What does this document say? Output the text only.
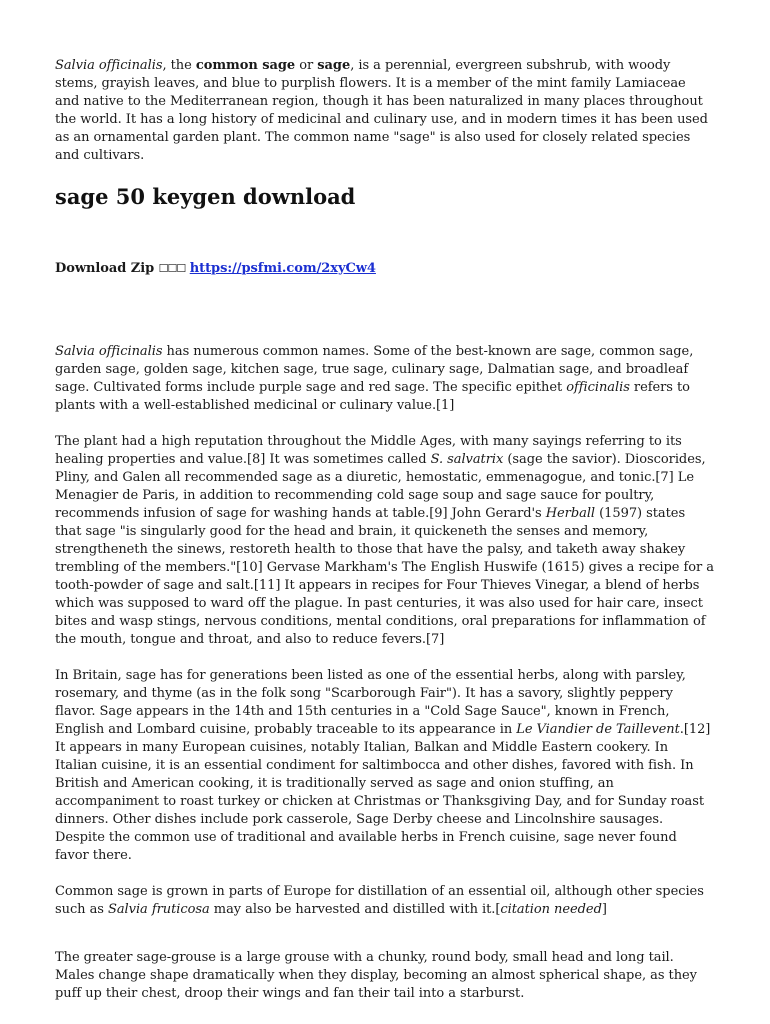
Salvia officinalis, the common sage or sage, is a perennial, evergreen subshrub, with woody stems, grayish leaves, and blue to purplish flowers. It is a member of the mint family Lamiaceae and native to the Mediterranean region, though it has been naturalized in many places throughout the world. It has a long history of medicinal and culinary use, and in modern times it has been used as an ornamental garden plant. The common name "sage" is also used for closely related species and cultivars.

sage 50 keygen download

Download Zip ☐☐☐ https://psfmi.com/2xyCw4

Salvia officinalis has numerous common names. Some of the best-known are sage, common sage, garden sage, golden sage, kitchen sage, true sage, culinary sage, Dalmatian sage, and broadleaf sage. Cultivated forms include purple sage and red sage. The specific epithet officinalis refers to plants with a well-established medicinal or culinary value.[1]

The plant had a high reputation throughout the Middle Ages, with many sayings referring to its healing properties and value.[8] It was sometimes called S. salvatrix (sage the savior). Dioscorides, Pliny, and Galen all recommended sage as a diuretic, hemostatic, emmenagogue, and tonic.[7] Le Menagier de Paris, in addition to recommending cold sage soup and sage sauce for poultry, recommends infusion of sage for washing hands at table.[9] John Gerard's Herball (1597) states that sage "is singularly good for the head and brain, it quickeneth the senses and memory, strengtheneth the sinews, restoreth health to those that have the palsy, and taketh away shakey trembling of the members."[10] Gervase Markham's The English Huswife (1615) gives a recipe for a tooth-powder of sage and salt.[11] It appears in recipes for Four Thieves Vinegar, a blend of herbs which was supposed to ward off the plague. In past centuries, it was also used for hair care, insect bites and wasp stings, nervous conditions, mental conditions, oral preparations for inflammation of the mouth, tongue and throat, and also to reduce fevers.[7]

In Britain, sage has for generations been listed as one of the essential herbs, along with parsley, rosemary, and thyme (as in the folk song "Scarborough Fair"). It has a savory, slightly peppery flavor. Sage appears in the 14th and 15th centuries in a "Cold Sage Sauce", known in French, English and Lombard cuisine, probably traceable to its appearance in Le Viandier de Taillevent.[12] It appears in many European cuisines, notably Italian, Balkan and Middle Eastern cookery. In Italian cuisine, it is an essential condiment for saltimbocca and other dishes, favored with fish. In British and American cooking, it is traditionally served as sage and onion stuffing, an accompaniment to roast turkey or chicken at Christmas or Thanksgiving Day, and for Sunday roast dinners. Other dishes include pork casserole, Sage Derby cheese and Lincolnshire sausages. Despite the common use of traditional and available herbs in French cuisine, sage never found favor there.

Common sage is grown in parts of Europe for distillation of an essential oil, although other species such as Salvia fruticosa may also be harvested and distilled with it.[citation needed]

The greater sage-grouse is a large grouse with a chunky, round body, small head and long tail. Males change shape dramatically when they display, becoming an almost spherical shape, as they puff up their chest, droop their wings and fan their tail into a starburst.
